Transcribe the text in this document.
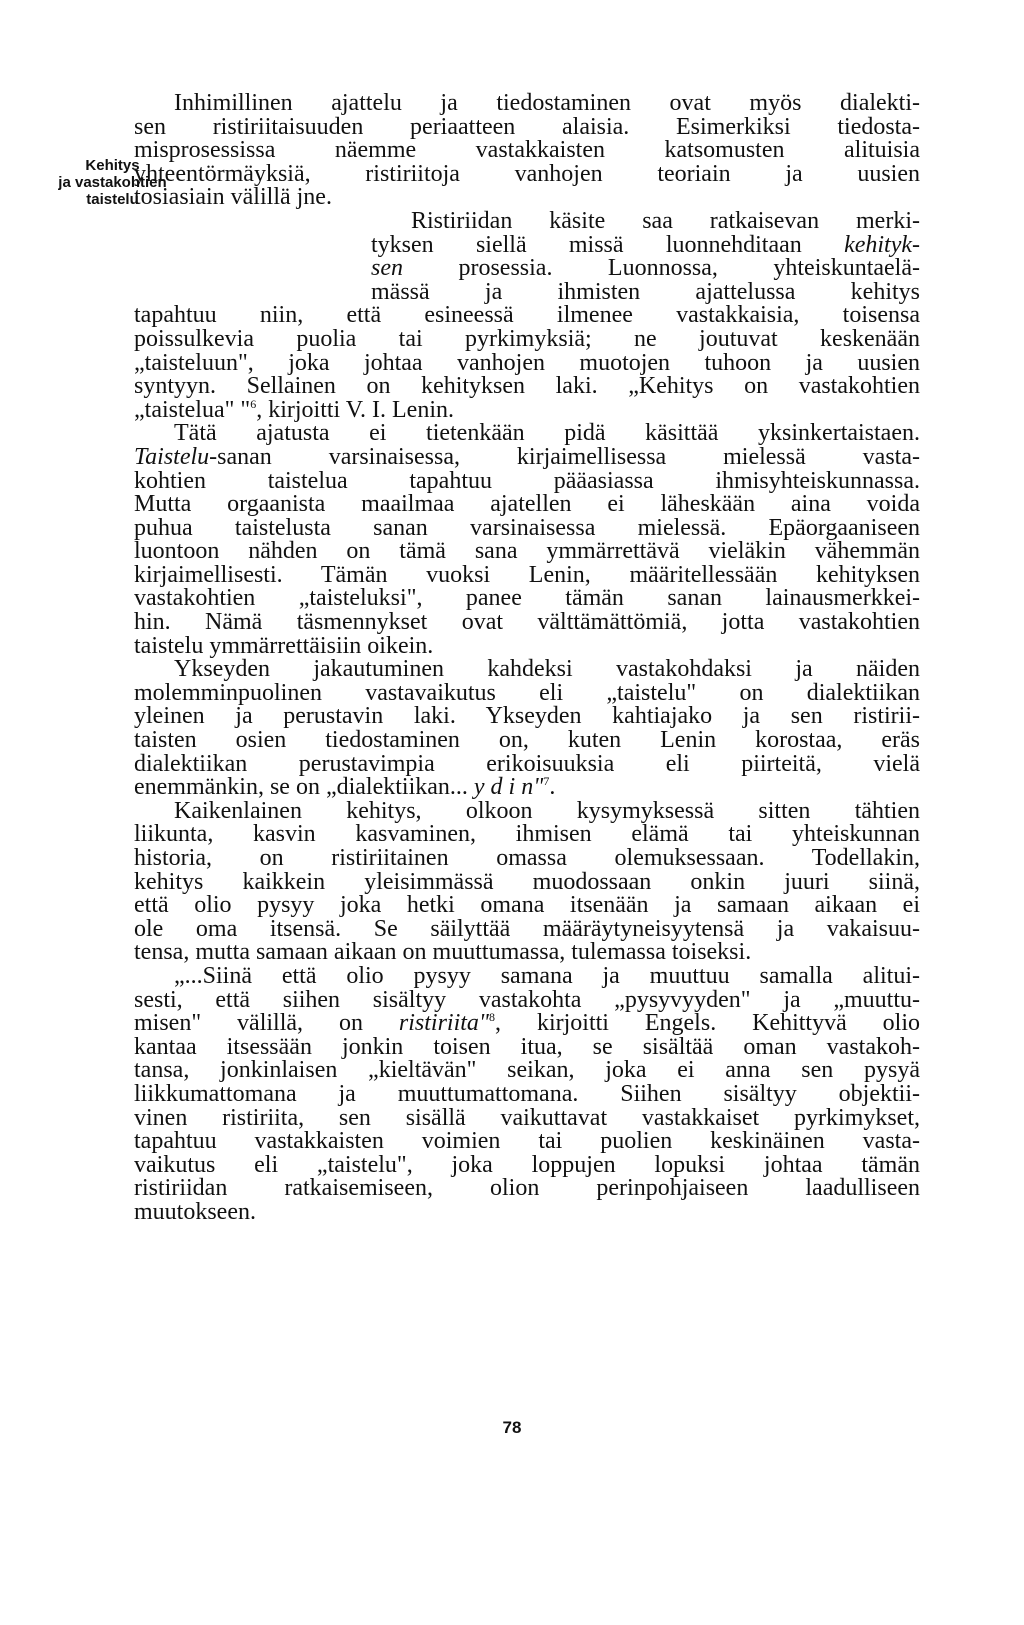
Kehitys
ja vastakohtien
taistelu
Inhimillinen ajattelu ja tiedostaminen ovat myös dialekti-
sen ristiriitaisuuden periaatteen alaisia. Esimerkiksi tiedosta-
misprosessissa näemme vastakkaisten katsomusten alituisia
yhteentörmäyksiä, ristiriitoja vanhojen teoriain ja uusien
tosiasiain välillä jne.
Ristiriidan käsite saa ratkaisevan merki-
tyksen siellä missä luonnehditaan kehityk-
sen prosessia. Luonnossa, yhteiskuntaelä-
mässä ja ihmisten ajattelussa kehitys
tapahtuu niin, että esineessä ilmenee vastakkaisia, toisensa
poissulkevia puolia tai pyrkimyksiä; ne joutuvat keskenään
„taisteluun", joka johtaa vanhojen muotojen tuhoon ja uusien
syntyyn. Sellainen on kehityksen laki. „Kehitys on vastakohtien
„taistelua" "$^6$, kirjoitti V. I. Lenin.
Tätä ajatusta ei tietenkään pidä käsittää yksinkertaistaen.
Taistelu-sanan varsinaisessa, kirjaimellisessa mielessä vasta-
kohtien taistelua tapahtuu pääasiassa ihmisyhteiskunnassa.
Mutta orgaanista maailmaa ajatellen ei läheskään aina voida
puhua taistelusta sanan varsinaisessa mielessä. Epäorgaaniseen
luontoon nähden on tämä sana ymmärrettävä vieläkin vähemmän
kirjaimellisesti. Tämän vuoksi Lenin, määritellessään kehityksen
vastakohtien „taisteluksi", panee tämän sanan lainausmerkkei-
hin. Nämä täsmennykset ovat välttämättömiä, jotta vastakohtien
taistelu ymmärrettäisiin oikein.
Ykseyden jakautuminen kahdeksi vastakohdaksi ja näiden
molemminpuolinen vastavaikutus eli „taistelu" on dialektiikan
yleinen ja perustavin laki. Ykseyden kahtiajako ja sen ristirii-
taisten osien tiedostaminen on, kuten Lenin korostaa, eräs
dialektiikan perustavimpia erikoisuuksia eli piirteitä, vielä
enemmänkin, se on „dialektiikan... y d i n"$^7$.
Kaikenlainen kehitys, olkoon kysymyksessä sitten tähtien
liikunta, kasvin kasvaminen, ihmisen elämä tai yhteiskunnan
historia, on ristiriitainen omassa olemuksessaan. Todellakin,
kehitys kaikkein yleisimmässä muodossaan onkin juuri siinä,
että olio pysyy joka hetki omana itsenään ja samaan aikaan ei
ole oma itsensä. Se säilyttää määräytyneisyytensä ja vakaisuu-
tensa, mutta samaan aikaan on muuttumassa, tulemassa toiseksi.
„...Siinä että olio pysyy samana ja muuttuu samalla alitui-
sesti, että siihen sisältyy vastakohta „pysyvyyden" ja „muuttu-
misen" välillä, on ristiriita"$^8$, kirjoitti Engels. Kehittyvä olio
kantaa itsessään jonkin toisen itua, se sisältää oman vastakoh-
tansa, jonkinlaisen „kieltävän" seikan, joka ei anna sen pysyä
liikkumattomana ja muuttumattomana. Siihen sisältyy objektii-
vinen ristiriita, sen sisällä vaikuttavat vastakkaiset pyrkimykset,
tapahtuu vastakkaisten voimien tai puolien keskinäinen vasta-
vaikutus eli „taistelu", joka loppujen lopuksi johtaa tämän
ristiriidan ratkaisemiseen, olion perinpohjaiseen laadulliseen
muutokseen.
78
